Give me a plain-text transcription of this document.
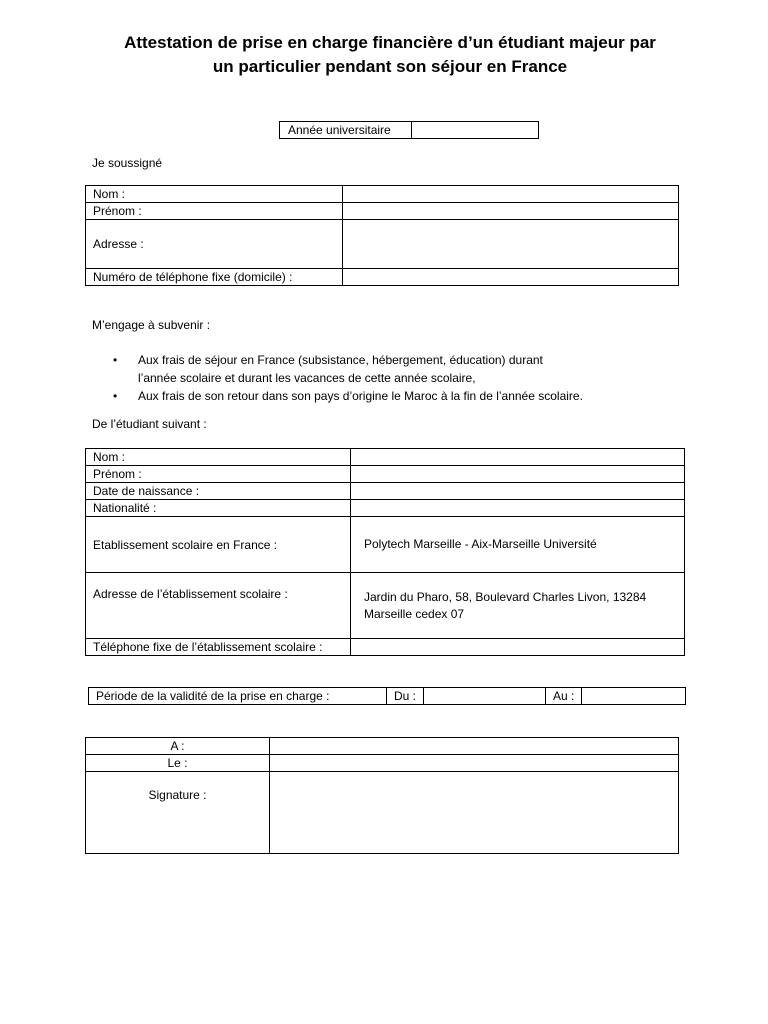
Attestation de prise en charge financière d’un étudiant majeur par
un particulier pendant son séjour en France
Année universitaire	
Je soussigné
Nom :	
Prénom :	
Adresse :	
Numéro de téléphone fixe (domicile) :	
M’engage à subvenir :
• Aux frais de séjour en France (subsistance, hébergement, éducation) durant
l’année scolaire et durant les vacances de cette année scolaire,
• Aux frais de son retour dans son pays d’origine le Maroc à la fin de l’année scolaire.
De l’étudiant suivant :
Nom :	
Prénom :	
Date de naissance :	
Nationalité :	
Etablissement scolaire en France :	Polytech Marseille - Aix-Marseille Université
Adresse de l’établissement scolaire :	Jardin du Pharo, 58, Boulevard Charles Livon, 13284
Marseille cedex 07

Téléphone fixe de l’établissement scolaire :	
Période de la validité de la prise en charge :	Du :		Au :	
A :	
Le :	
Signature :	
